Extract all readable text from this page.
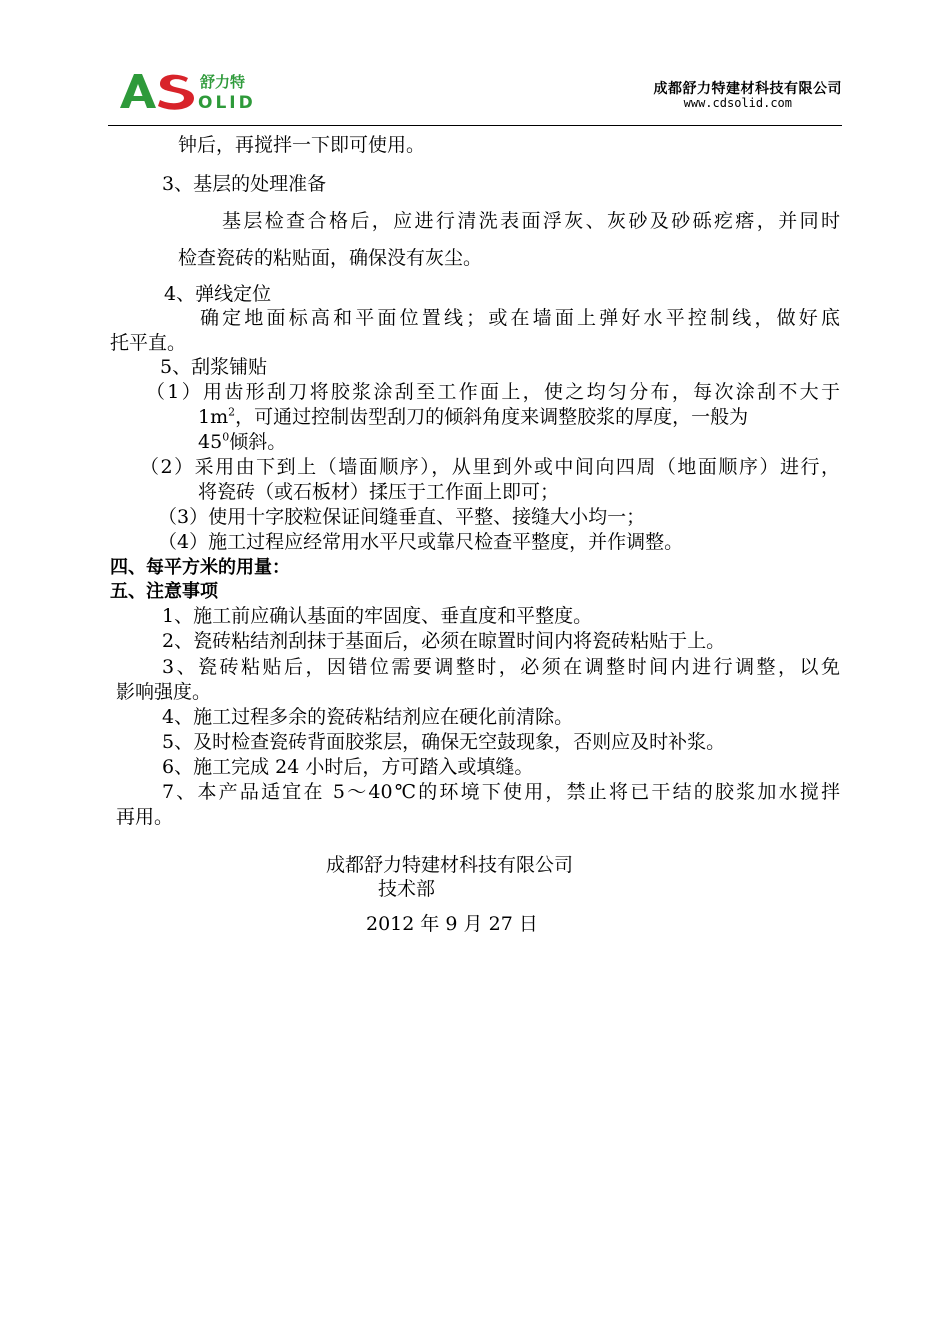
舒力特
OLID
成都舒力特建材科技有限公司
www.cdsolid.com
钟后，再搅拌一下即可使用。
3、基层的处理准备
基层检查合格后，应进行清洗表面浮灰、灰砂及砂砾疙瘩，并同时
检查瓷砖的粘贴面，确保没有灰尘。
4、弹线定位
确定地面标高和平面位置线；或在墙面上弹好水平控制线，做好底
托平直。
5、刮浆铺贴
（1）用齿形刮刀将胶浆涂刮至工作面上，使之均匀分布，每次涂刮不大于
$1m^2$，可通过控制齿型刮刀的倾斜角度来调整胶浆的厚度，一般为
$45^0$倾斜。
（2）采用由下到上（墙面顺序），从里到外或中间向四周（地面顺序）进行，
将瓷砖（或石板材）揉压于工作面上即可；
（3）使用十字胶粒保证间缝垂直、平整、接缝大小均一；
（4）施工过程应经常用水平尺或靠尺检查平整度，并作调整。
四、每平方米的用量：
五、注意事项
1、施工前应确认基面的牢固度、垂直度和平整度。
2、瓷砖粘结剂刮抹于基面后，必须在晾置时间内将瓷砖粘贴于上。
3、瓷砖粘贴后，因错位需要调整时，必须在调整时间内进行调整，以免
影响强度。
4、施工过程多余的瓷砖粘结剂应在硬化前清除。
5、及时检查瓷砖背面胶浆层，确保无空鼓现象，否则应及时补浆。
6、施工完成 24 小时后，方可踏入或填缝。
7、本产品适宜在 5～40℃的环境下使用，禁止将已干结的胶浆加水搅拌
再用。
成都舒力特建材科技有限公司
技术部
2012 年 9 月 27 日
